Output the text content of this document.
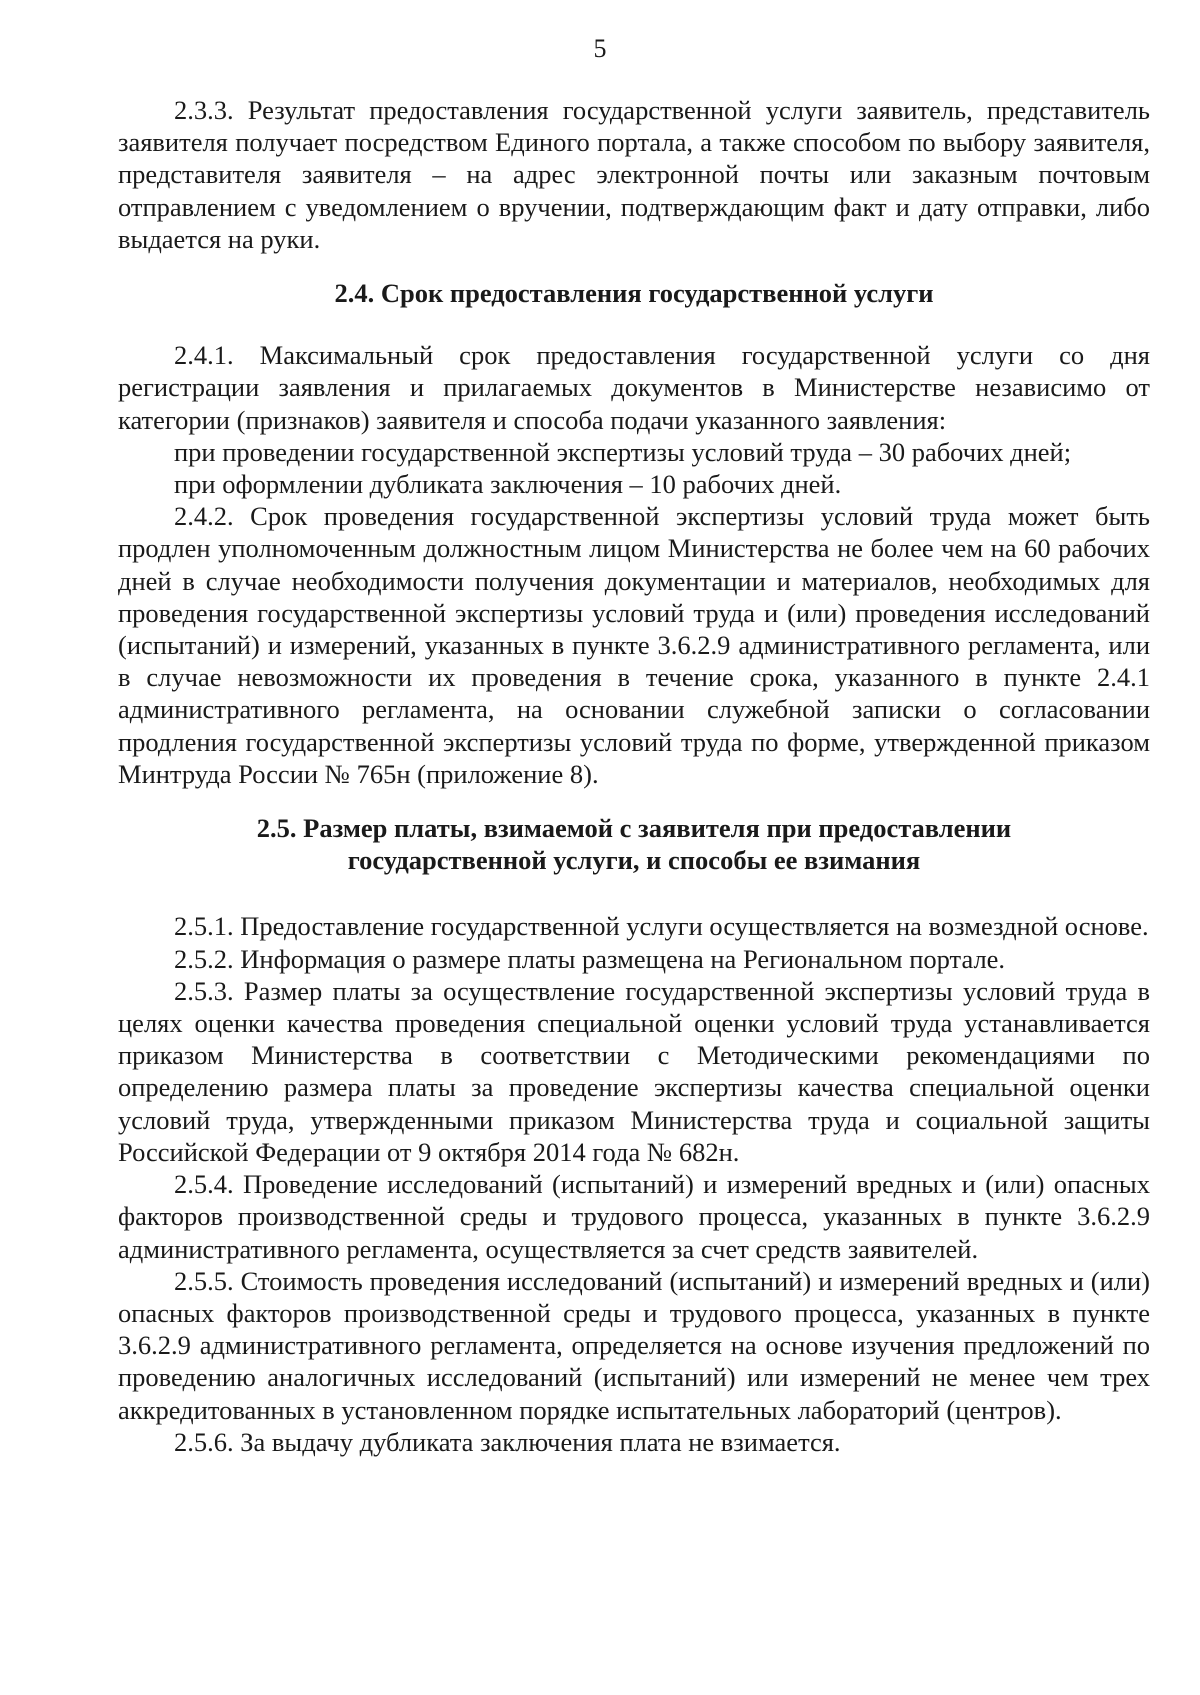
5

2.3.3. Результат предоставления государственной услуги заявитель, представитель заявителя получает посредством Единого портала, а также способом по выбору заявителя, представителя заявителя – на адрес электронной почты или заказным почтовым отправлением с уведомлением о вручении, подтверждающим факт и дату отправки, либо выдается на руки.

2.4. Срок предоставления государственной услуги

2.4.1. Максимальный срок предоставления государственной услуги со дня регистрации заявления и прилагаемых документов в Министерстве независимо от категории (признаков) заявителя и способа подачи указанного заявления:

при проведении государственной экспертизы условий труда – 30 рабочих дней;

при оформлении дубликата заключения – 10 рабочих дней.

2.4.2. Срок проведения государственной экспертизы условий труда может быть продлен уполномоченным должностным лицом Министерства не более чем на 60 рабочих дней в случае необходимости получения документации и материалов, необходимых для проведения государственной экспертизы условий труда и (или) проведения исследований (испытаний) и измерений, указанных в пункте 3.6.2.9 административного регламента, или в случае невозможности их проведения в течение срока, указанного в пункте 2.4.1 административного регламента, на основании служебной записки о согласовании продления государственной экспертизы условий труда по форме, утвержденной приказом Минтруда России № 765н (приложение 8).

2.5. Размер платы, взимаемой с заявителя при предоставлении

государственной услуги, и способы ее взимания

2.5.1. Предоставление государственной услуги осуществляется на возмездной основе.

2.5.2. Информация о размере платы размещена на Региональном портале.

2.5.3. Размер платы за осуществление государственной экспертизы условий труда в целях оценки качества проведения специальной оценки условий труда устанавливается приказом Министерства в соответствии с Методическими рекомендациями по определению размера платы за проведение экспертизы качества специальной оценки условий труда, утвержденными приказом Министерства труда и социальной защиты Российской Федерации от 9 октября 2014 года № 682н.

2.5.4. Проведение исследований (испытаний) и измерений вредных и (или) опасных факторов производственной среды и трудового процесса, указанных в пункте 3.6.2.9 административного регламента, осуществляется за счет средств заявителей.

2.5.5. Стоимость проведения исследований (испытаний) и измерений вредных и (или) опасных факторов производственной среды и трудового процесса, указанных в пункте 3.6.2.9 административного регламента, определяется на основе изучения предложений по проведению аналогичных исследований (испытаний) или измерений не менее чем трех аккредитованных в установленном порядке испытательных лабораторий (центров).

2.5.6. За выдачу дубликата заключения плата не взимается.
